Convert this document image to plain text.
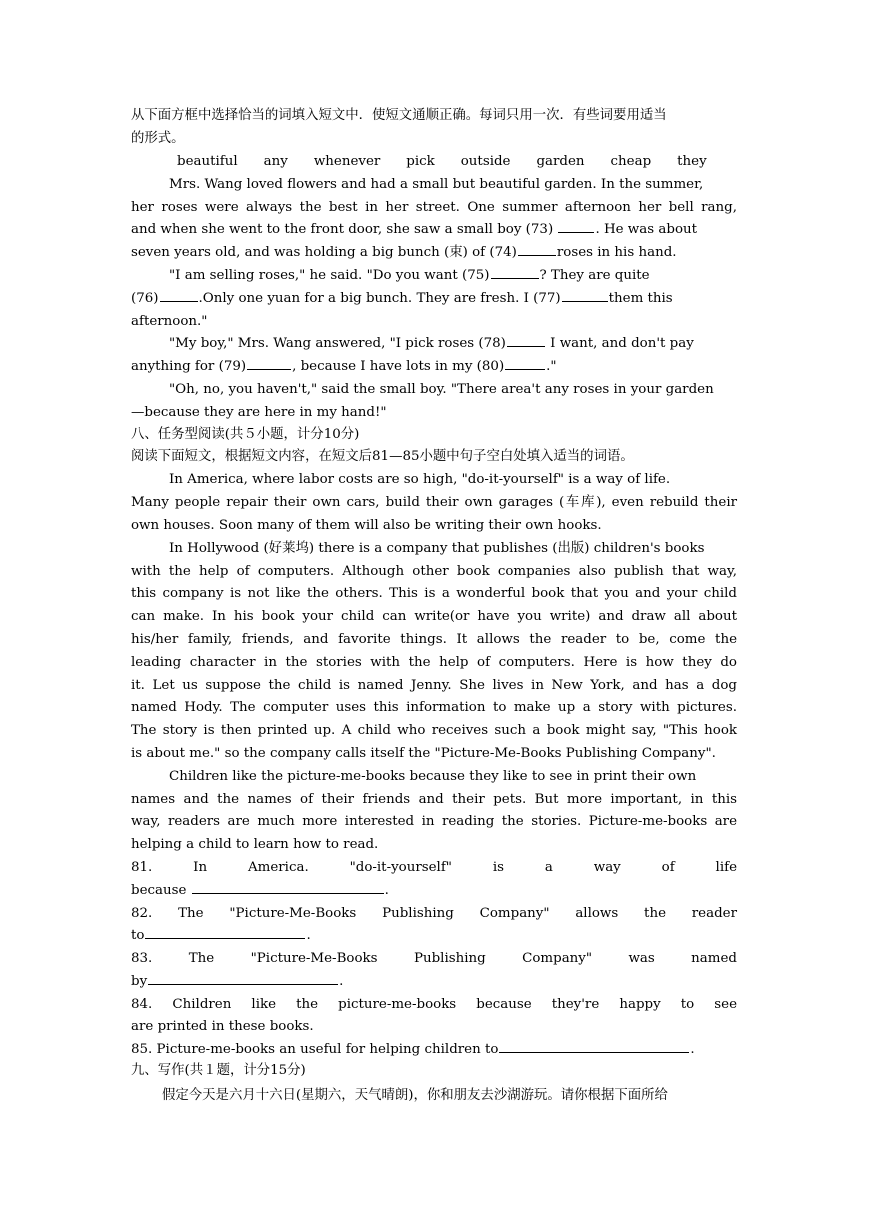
从下面方框中选择恰当的词填入短文中．使短文通顺正确。每词只用一次．有些词要用适当
的形式。
beautiful any whenever pick outside garden cheap they
Mrs. Wang loved flowers and had a small but beautiful garden. In the summer,
her roses were always the best in her street. One summer afternoon her bell rang,
and when she went to the front door, she saw a small boy (73)	. He was about
seven years old, and was holding a big bunch (束) of (74)	roses in his hand.
"I am selling roses," he said. "Do you want (75)	? They are quite
(76)	.Only one yuan for a big bunch. They are fresh. I (77)	them this
afternoon."
"My boy," Mrs. Wang answered, "I pick roses (78)	I want, and don't pay
anything for (79)	, because I have lots in my (80)	."
"Oh, no, you haven't," said the small boy. "There area't any roses in your garden
—because they are here in my hand!"
八、任务型阅读(共５小题，计分10分)
阅读下面短文，根据短文内容，在短文后81—85小题中句子空白处填入适当的词语。
In America, where labor costs are so high, "do-it-yourself" is a way of life.
Many people repair their own cars, build their own garages (车库), even rebuild their
own houses. Soon many of them will also be writing their own hooks.
In Hollywood (好莱坞) there is a company that publishes (出版) children's books
with the help of computers. Although other book companies also publish that way,
this company is not like the others. This is a wonderful book that you and your child
can make. In his book your child can write(or have you write) and draw all about
his/her family, friends, and favorite things. It allows the reader to be, come the
leading character in the stories with the help of computers. Here is how they do
it. Let us suppose the child is named Jenny. She lives in New York, and has a dog
named Hody. The computer uses this information to make up a story with pictures.
The story is then printed up. A child who receives such a book might say, "This hook
is about me." so the company calls itself the "Picture-Me-Books Publishing Company".
Children like the picture-me-books because they like to see in print their own
names and the names of their friends and their pets. But more important, in this
way, readers are much more interested in reading the stories. Picture-me-books are
helping a child to learn how to read.
81. In America. "do-it-yourself" is a way of life
because	.
82. The "Picture-Me-Books Publishing Company" allows the reader
to	.
83. The "Picture-Me-Books Publishing Company" was named
by	.
84. Children like the picture-me-books because they're happy to see
are printed in these books.
85. Picture-me-books an useful for helping children to	.
九、写作(共１题，计分15分)
假定今天是六月十六日(星期六，天气晴朗)，你和朋友去沙湖游玩。请你根据下面所给
